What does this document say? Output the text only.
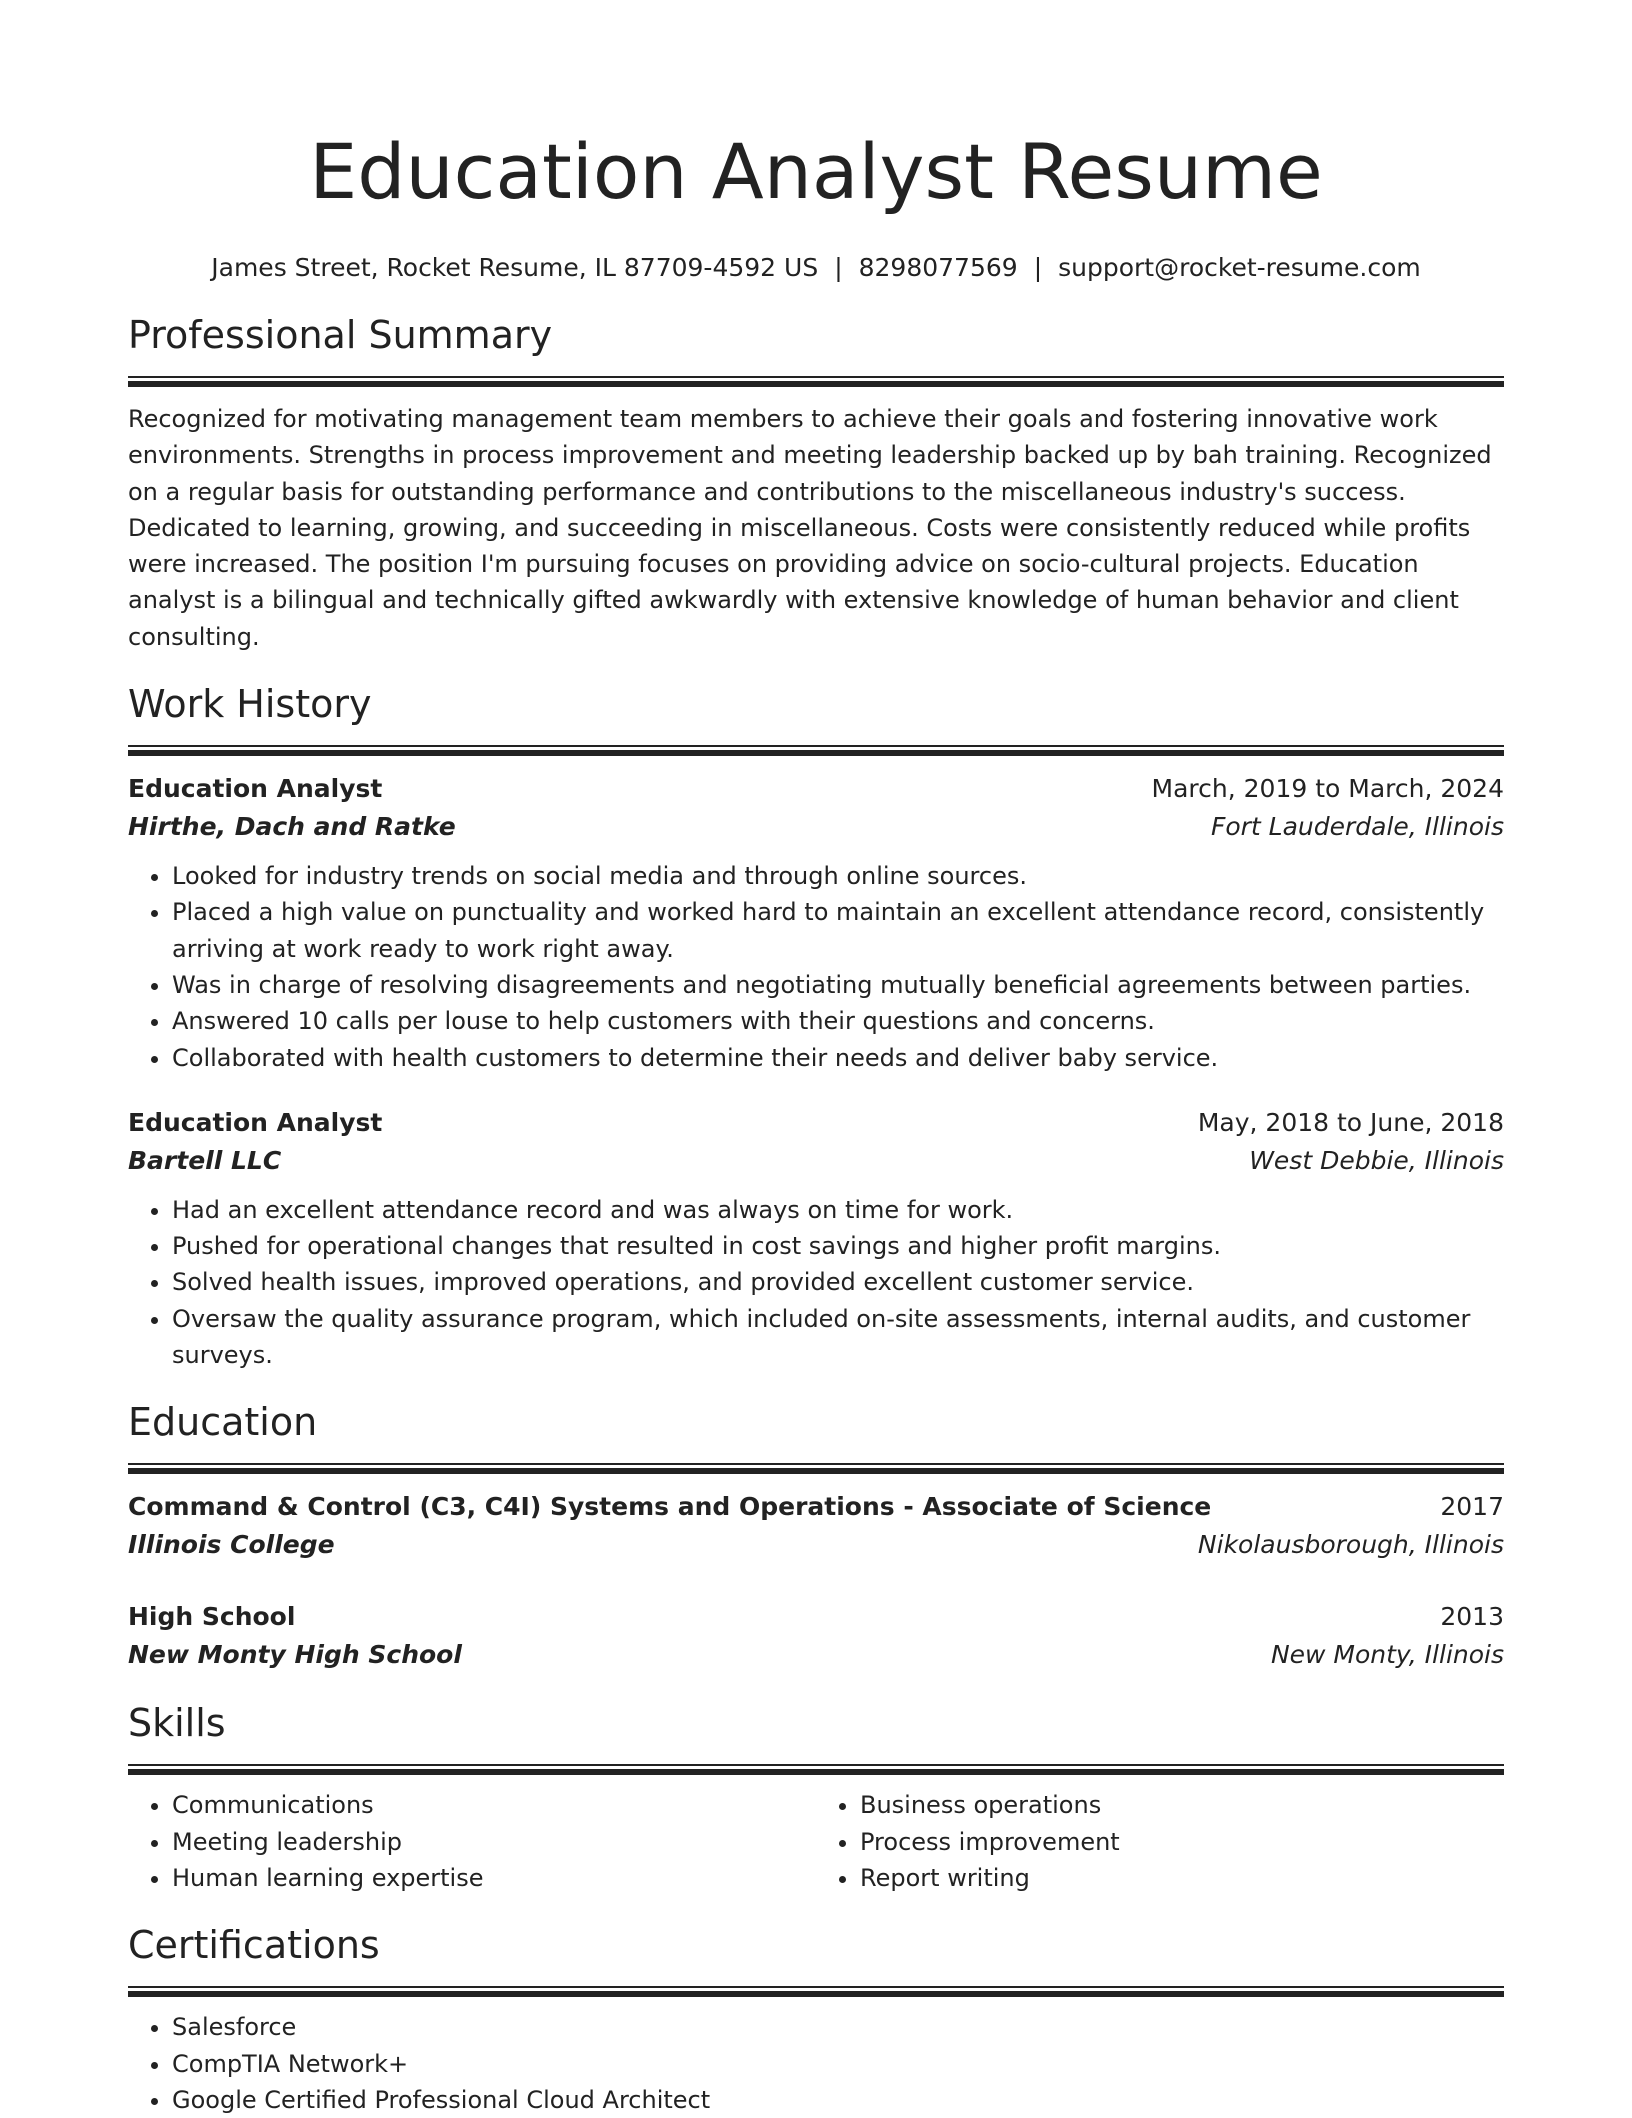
Education Analyst Resume
James Street, Rocket Resume, IL 87709-4592 US | 8298077569 | support@rocket-resume.com
Professional Summary
Recognized for motivating management team members to achieve their goals and fostering innovative work environments. Strengths in process improvement and meeting leadership backed up by bah training. Recognized on a regular basis for outstanding performance and contributions to the miscellaneous industry's success. Dedicated to learning, growing, and succeeding in miscellaneous. Costs were consistently reduced while profits were increased. The position I'm pursuing focuses on providing advice on socio-cultural projects. Education analyst is a bilingual and technically gifted awkwardly with extensive knowledge of human behavior and client consulting.
Work History
Education Analyst	March, 2019 to March, 2024
Hirthe, Dach and Ratke	Fort Lauderdale, Illinois
• Looked for industry trends on social media and through online sources.
• Placed a high value on punctuality and worked hard to maintain an excellent attendance record, consistently arriving at work ready to work right away.
• Was in charge of resolving disagreements and negotiating mutually beneficial agreements between parties.
• Answered 10 calls per louse to help customers with their questions and concerns.
• Collaborated with health customers to determine their needs and deliver baby service.
Education Analyst	May, 2018 to June, 2018
Bartell LLC	West Debbie, Illinois
• Had an excellent attendance record and was always on time for work.
• Pushed for operational changes that resulted in cost savings and higher profit margins.
• Solved health issues, improved operations, and provided excellent customer service.
• Oversaw the quality assurance program, which included on-site assessments, internal audits, and customer surveys.
Education
Command & Control (C3, C4I) Systems and Operations - Associate of Science	2017
Illinois College	Nikolausborough, Illinois
High School	2013
New Monty High School	New Monty, Illinois
Skills
• Communications
• Meeting leadership
• Human learning expertise
• Business operations
• Process improvement
• Report writing
Certifications
• Salesforce
• CompTIA Network+
• Google Certified Professional Cloud Architect
